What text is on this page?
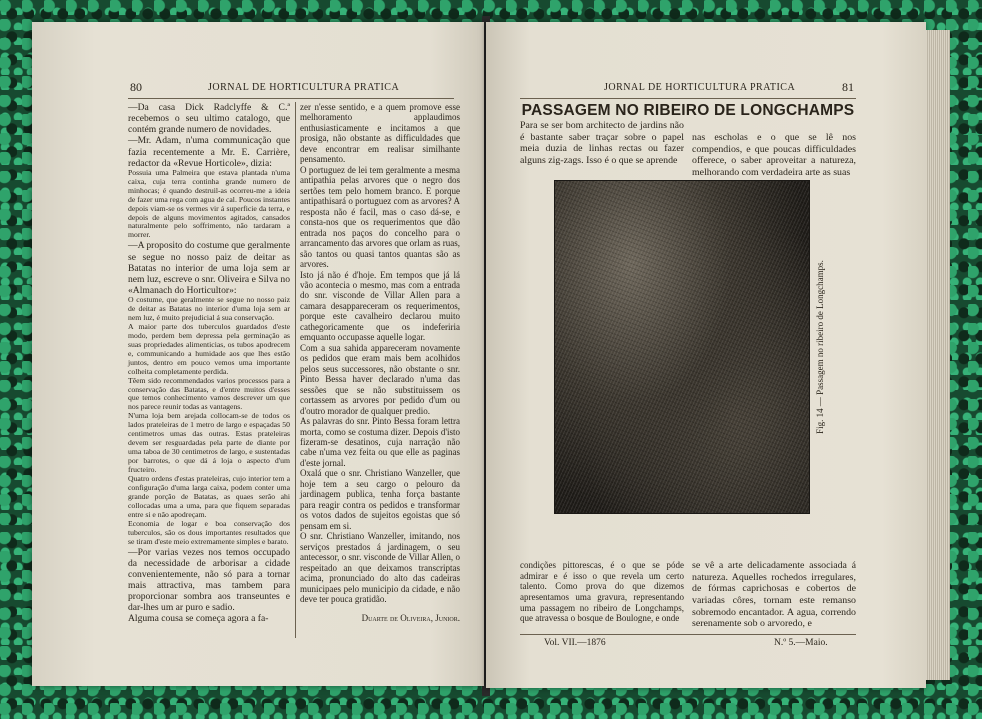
80	JORNAL DE HORTICULTURA PRATICA

—Da casa Dick Radclyffe & C.ª recebemos o seu ultimo catalogo, que contém grande numero de novidades.

—Mr. Adam, n'uma communicação que fazia recentemente a Mr. E. Carrière, redactor da «Revue Horticole», dizia:

Possuia uma Palmeira que estava plantada n'uma caixa, cuja terra continha grande numero de minhocas; é quando destruil-as ocorreu-me a ideia de fazer uma rega com agua de cal. Poucos instantes depois viam-se os vermes vir á superficie da terra, e depois de alguns movimentos agitados, cansados naturalmente pelo soffrimento, não tardaram a morrer.

—A proposito do costume que geralmente se segue no nosso paiz de deitar as Batatas no interior de uma loja sem ar nem luz, escreve o snr. Oliveira e Silva no «Almanach do Horticultor»:

O costume, que geralmente se segue no nosso paiz de deitar as Batatas no interior d'uma loja sem ar nem luz, é muito prejudicial á sua conservação.

A maior parte dos tuberculos guardados d'este modo, perdem bem depressa pela germinação as suas propriedades alimenticias, os tubos apodrecem e, communicando a humidade aos que lhes estão juntos, dentro em pouco vemos uma importante colheita completamente perdida.

Têem sido recommendados varios processos para a conservação das Batatas, e d'entre muitos d'esses que temos conhecimento vamos descrever um que nos parece reunir todas as vantagens.

N'uma loja bem arejada collocam-se de todos os lados prateleiras de 1 metro de largo e espaçadas 50 centimetros umas das outras. Estas prateleiras devem ser resguardadas pela parte de diante por uma taboa de 30 centimetros de largo, e sustentadas por barrotes, o que dá á loja o aspecto d'um fructeiro.

Quatro ordens d'estas prateleiras, cujo interior tem a configuração d'uma larga caixa, podem conter uma grande porção de Batatas, as quaes serão ahi collocadas uma a uma, para que fiquem separadas entre si e não apodreçam.

Economia de logar e boa conservação dos tuberculos, são os dous importantes resultados que se tiram d'este meio extremamente simples e barato.

—Por varias vezes nos temos occupado da necessidade de arborisar a cidade convenientemente, não só para a tornar mais attractiva, mas tambem para proporcionar sombra aos transeuntes e dar-lhes um ar puro e sadio.

Alguma cousa se começa agora a fa-

zer n'esse sentido, e a quem promove esse melhoramento applaudimos enthusiasticamente e incitamos a que prosiga, não obstante as difficuldades que deve encontrar em realisar similhante pensamento.

O portuguez de lei tem geralmente a mesma antipathia pelas arvores que o negro dos sertões tem pelo homem branco. E porque antipathisará o portuguez com as arvores? A resposta não é facil, mas o caso dá-se, e consta-nos que os requerimentos que dão entrada nos paços do concelho para o arrancamento das arvores que orlam as ruas, são tantos ou quasi tantos quantas são as arvores.

Isto já não é d'hoje. Em tempos que já lá vão acontecia o mesmo, mas com a entrada do snr. visconde de Villar Allen para a camara desappareceram os requerimentos, porque este cavalheiro declarou muito cathegoricamente que os indeferiria emquanto occupasse aquelle logar.

Com a sua sahida appareceram novamente os pedidos que eram mais bem acolhidos pelos seus successores, não obstante o snr. Pinto Bessa haver declarado n'uma das sessões que se não substituissem os cortassem as arvores por pedido d'um ou d'outro morador de qualquer predio.

As palavras do snr. Pinto Bessa foram lettra morta, como se costuma dizer. Depois d'isto fizeram-se desatinos, cuja narração não cabe n'uma vez feita ou que elle as paginas d'este jornal.

Oxalá que o snr. Christiano Wanzeller, que hoje tem a seu cargo o pelouro da jardinagem publica, tenha força bastante para reagir contra os pedidos e transformar os votos dados de sujeitos egoistas que só pensam em si.

O snr. Christiano Wanzeller, imitando, nos serviços prestados á jardinagem, o seu antecessor, o snr. visconde de Villar Allen, o respeitado an que deixamos transcriptas acima, pronunciado do alto das cadeiras municipaes pelo municipio da cidade, e não deve ter pouca gratidão.

Duarte de Oliveira, Junior.

JORNAL DE HORTICULTURA PRATICA	81
PASSAGEM NO RIBEIRO DE LONGCHAMPS
Para se ser bom architecto de jardins não é bastante saber traçar sobre o papel meia duzia de linhas rectas ou fazer alguns zig-zags. Isso é o que se aprende
nas escholas e o que se lê nos compendios, e que poucas difficuldades offerece, o saber aproveitar a natureza, melhorando com verdadeira arte as suas
Fig. 14 — Passagem no ribeiro de Longchamps.
condições pittorescas, é o que se póde admirar e é isso o que revela um certo talento. Como prova do que dizemos apresentamos uma gravura, representando uma passagem no ribeiro de Longchamps, que atravessa o bosque de Boulogne, e onde
se vê a arte delicadamente associada á natureza. Aquelles rochedos irregulares, de fórmas caprichosas e cobertos de variadas côres, tornam este remanso sobremodo encantador. A agua, correndo serenamente sob o arvoredo, e
Vol. VII.—1876	N.º 5.—Maio.
